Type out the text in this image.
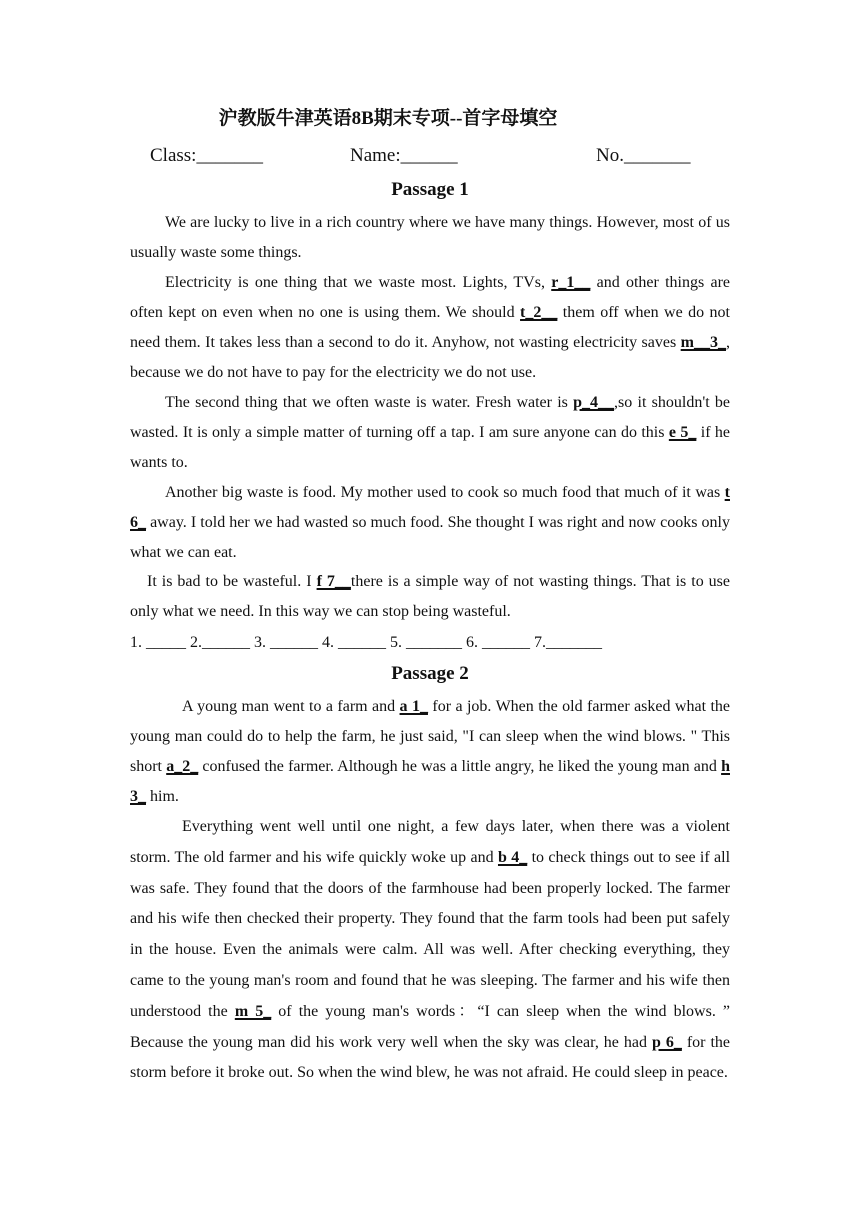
沪教版牛津英语8B期末专项--首字母填空
Class:_______	Name:______	No._______
Passage 1
We are lucky to live in a rich country where we have many things. However, most of us usually waste some things.
Electricity is one thing that we waste most. Lights, TVs, r_1__ and other things are often kept on even when no one is using them. We should t_2__ them off when we do not need them. It takes less than a second to do it. Anyhow, not wasting electricity saves m__3_, because we do not have to pay for the electricity we do not use.
The second thing that we often waste is water. Fresh water is p_4__,so it shouldn't be wasted. It is only a simple matter of turning off a tap. I am sure anyone can do this e 5_ if he wants to.
Another big waste is food. My mother used to cook so much food that much of it was t 6_ away. I told her we had wasted so much food. She thought I was right and now cooks only what we can eat.
It is bad to be wasteful. I f 7__there is a simple way of not wasting things. That is to use only what we need. In this way we can stop being wasteful.
1. _____ 2.______ 3. ______ 4. ______ 5. _______ 6. ______ 7._______
Passage 2
A young man went to a farm and a 1_ for a job. When the old farmer asked what the young man could do to help the farm, he just said, "I can sleep when the wind blows. " This short a_2_ confused the farmer. Although he was a little angry, he liked the young man and h 3_ him.
Everything went well until one night, a few days later, when there was a violent storm. The old farmer and his wife quickly woke up and b 4_ to check things out to see if all was safe. They found that the doors of the farmhouse had been properly locked. The farmer and his wife then checked their property. They found that the farm tools had been put safely in the house. Even the animals were calm. All was well. After checking everything, they came to the young man's room and found that he was sleeping. The farmer and his wife then understood the m 5_ of the young man's words：“I can sleep when the wind blows. ” Because the young man did his work very well when the sky was clear, he had p 6_ for the storm before it broke out. So when the wind blew, he was not afraid. He could sleep in peace.
